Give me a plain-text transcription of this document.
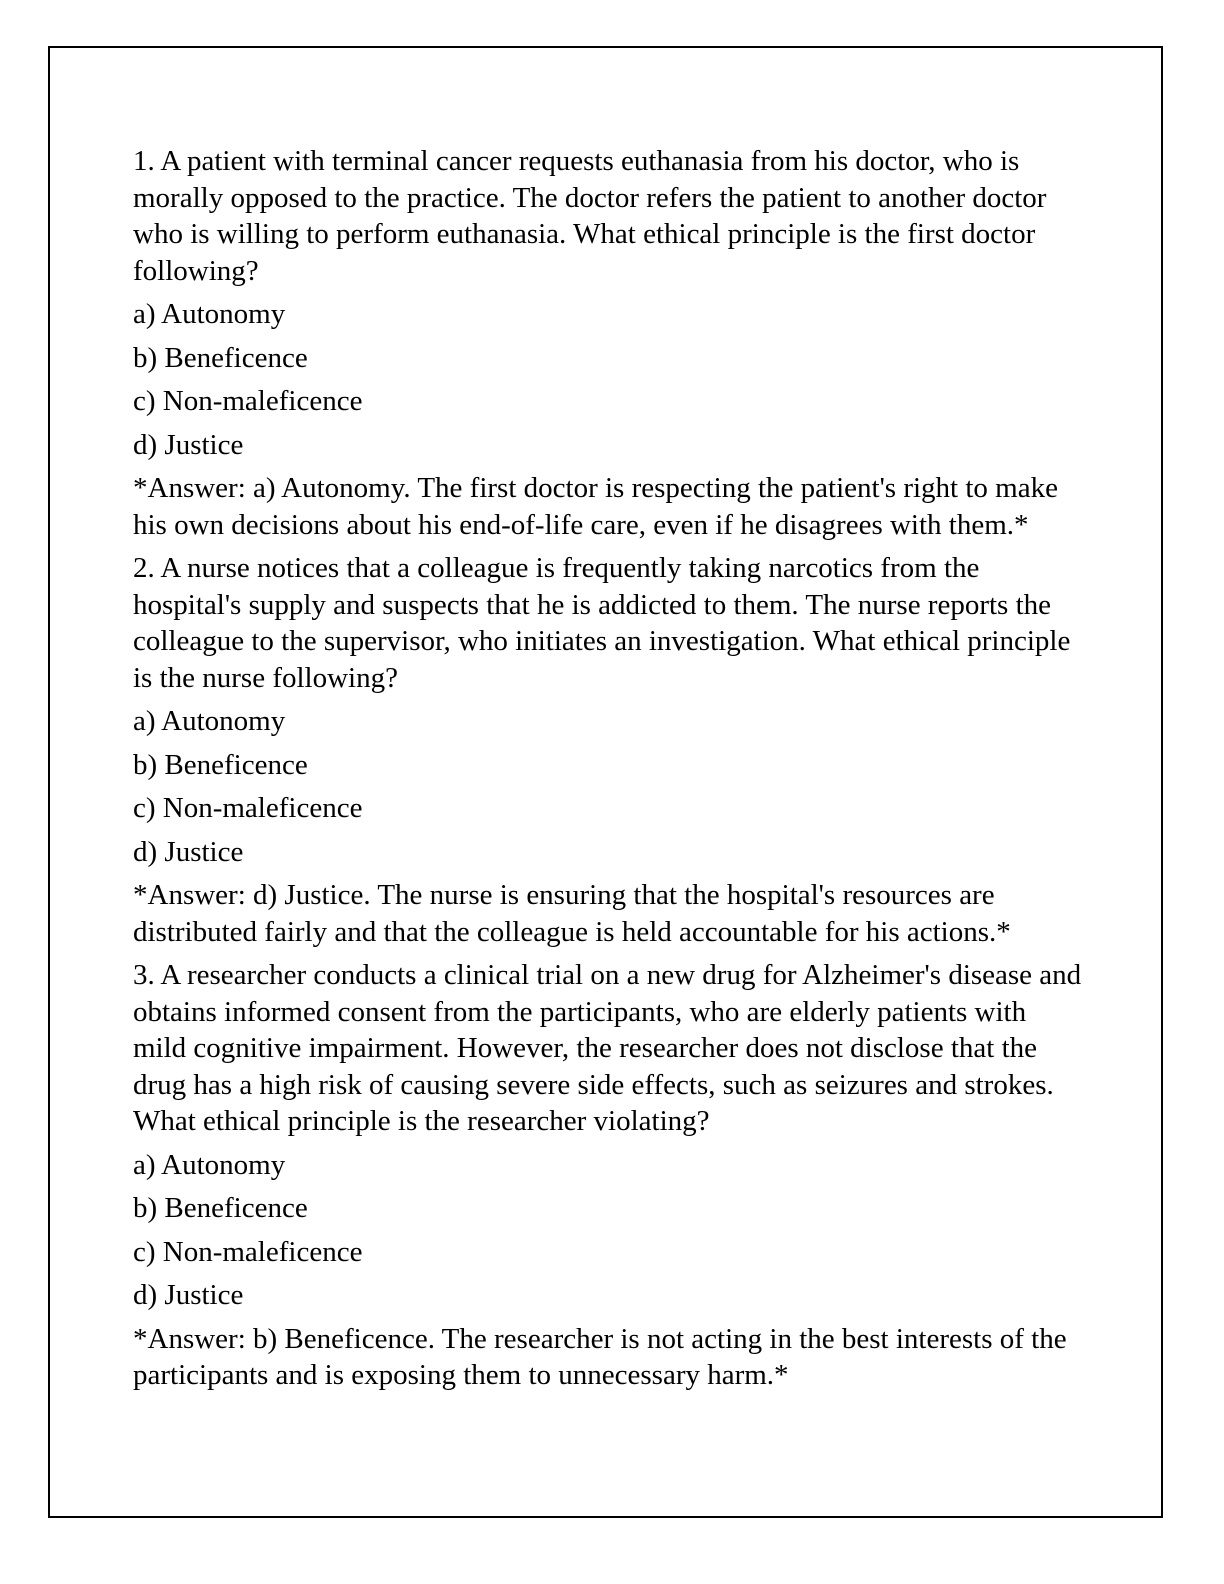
1. A patient with terminal cancer requests euthanasia from his doctor, who is morally opposed to the practice. The doctor refers the patient to another doctor who is willing to perform euthanasia. What ethical principle is the first doctor following?

a) Autonomy

b) Beneficence

c) Non-maleficence

d) Justice

*Answer: a) Autonomy. The first doctor is respecting the patient's right to make his own decisions about his end-of-life care, even if he disagrees with them.*

2. A nurse notices that a colleague is frequently taking narcotics from the hospital's supply and suspects that he is addicted to them. The nurse reports the colleague to the supervisor, who initiates an investigation. What ethical principle is the nurse following?

a) Autonomy

b) Beneficence

c) Non-maleficence

d) Justice

*Answer: d) Justice. The nurse is ensuring that the hospital's resources are distributed fairly and that the colleague is held accountable for his actions.*

3. A researcher conducts a clinical trial on a new drug for Alzheimer's disease and obtains informed consent from the participants, who are elderly patients with mild cognitive impairment. However, the researcher does not disclose that the drug has a high risk of causing severe side effects, such as seizures and strokes. What ethical principle is the researcher violating?

a) Autonomy

b) Beneficence

c) Non-maleficence

d) Justice

*Answer: b) Beneficence. The researcher is not acting in the best interests of the participants and is exposing them to unnecessary harm.*
